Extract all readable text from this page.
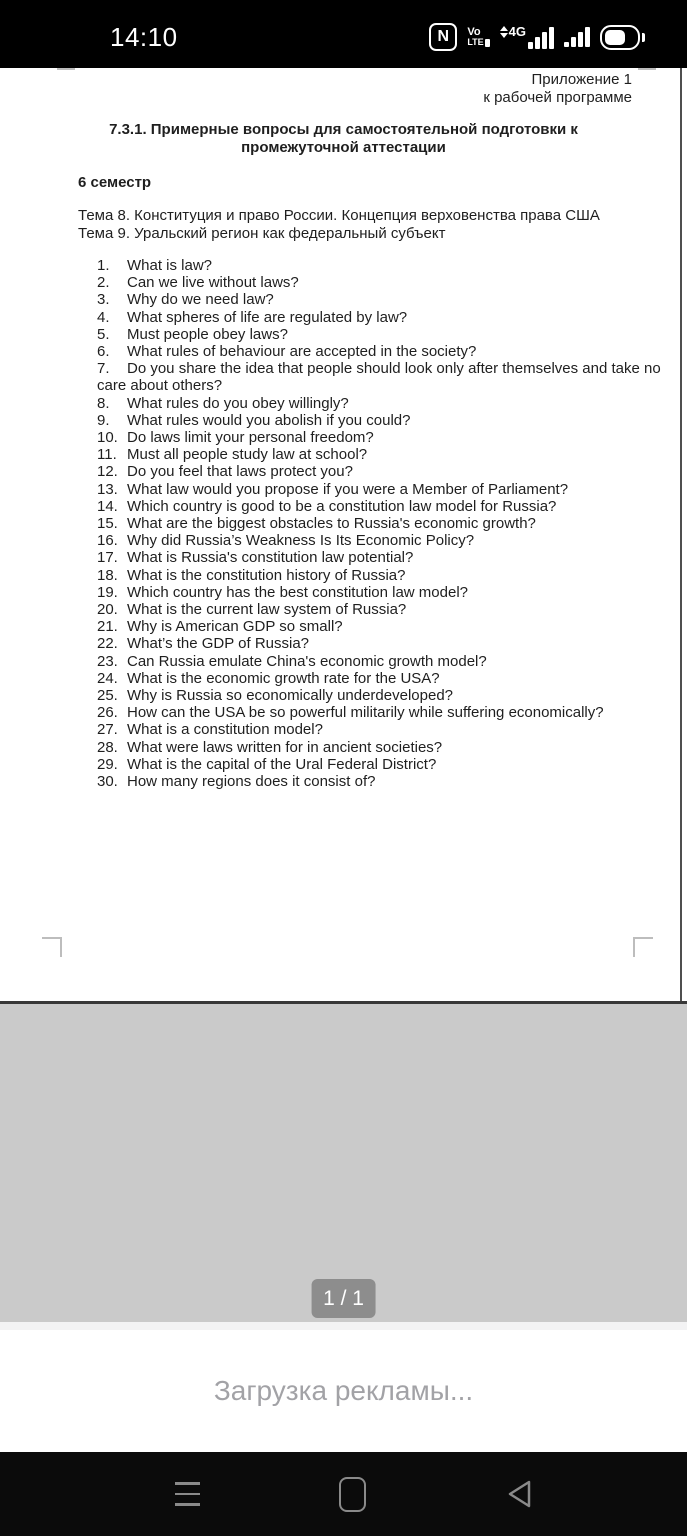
14:10	N Vo
LTE
4G
Приложение 1
к рабочей программе
7.3.1. Примерные вопросы для самостоятельной подготовки к промежуточной аттестации
6 семестр
Тема 8. Конституция и право России. Концепция верховенства права США
Тема 9. Уральский регион как федеральный субъект
1. What is law?
2. Can we live without laws?
3. Why do we need law?
4. What spheres of life are regulated by law?
5. Must people obey laws?
6. What rules of behaviour are accepted in the society?
7. Do you share the idea that people should look only after themselves and take no care about others?
8. What rules do you obey willingly?
9. What rules would you abolish if you could?
10. Do laws limit your personal freedom?
11. Must all people study law at school?
12. Do you feel that laws protect you?
13. What law would you propose if you were a Member of Parliament?
14. Which country is good to be a constitution law model for Russia?
15. What are the biggest obstacles to Russia's economic growth?
16. Why did Russia’s Weakness Is Its Economic Policy?
17. What is Russia's constitution law potential?
18. What is the constitution history of Russia?
19. Which country has the best constitution law model?
20. What is the current law system of Russia?
21. Why is American GDP so small?
22. What’s the GDP of Russia?
23. Can Russia emulate China's economic growth model?
24. What is the economic growth rate for the USA?
25. Why is Russia so economically underdeveloped?
26. How can the USA be so powerful militarily while suffering economically?
27. What is a constitution model?
28. What were laws written for in ancient societies?
29. What is the capital of the Ural Federal District?
30. How many regions does it consist of?
1 / 1
Загрузка рекламы...
